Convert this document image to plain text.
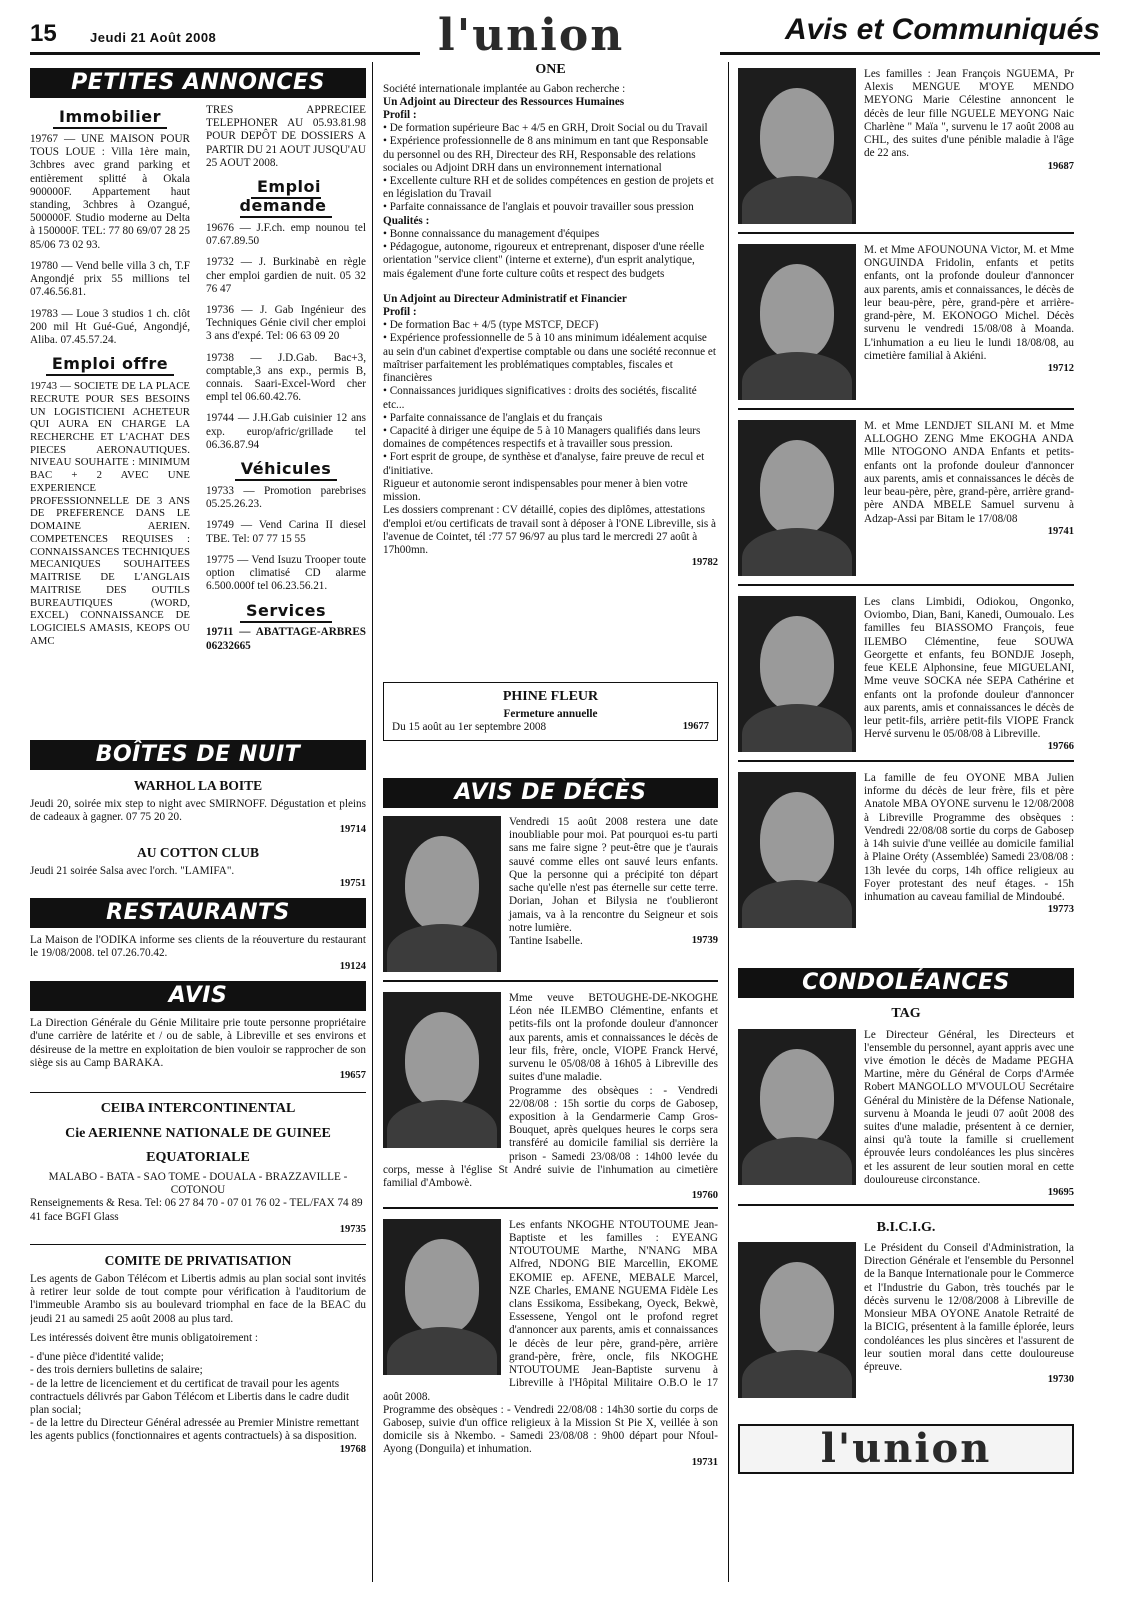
15	Jeudi 21 Août 2008	l'union	Avis et Communiqués
PETITES ANNONCES
Immobilier

19767 — UNE MAISON POUR TOUS LOUE : Villa 1ère main, 3chbres avec grand parking et entièrement splitté à Okala 900000F. Appartement haut standing, 3chbres à Ozangué, 500000F. Studio moderne au Delta à 150000F. TEL: 77 80 69/07 28 25 85/06 73 02 93.

19780 — Vend belle villa 3 ch, T.F Angondjé prix 55 millions tel 07.46.56.81.

19783 — Loue 3 studios 1 ch. clôt 200 mil Ht Gué-Gué, Angondjé, Aliba. 07.45.57.24.

Emploi offre

19743 — SOCIETE DE LA PLACE RECRUTE POUR SES BESOINS UN LOGISTICIENI ACHETEUR QUI AURA EN CHARGE LA RECHERCHE ET L'ACHAT DES PIECES AERONAUTIQUES. NIVEAU SOUHAITE : MINIMUM BAC + 2 AVEC UNE EXPERIENCE PROFESSIONNELLE DE 3 ANS DE PREFERENCE DANS LE DOMAINE AERIEN. COMPETENCES REQUISES : CONNAISSANCES TECHNIQUES MECANIQUES SOUHAITEES MAITRISE DE L'ANGLAIS MAITRISE DES OUTILS BUREAUTIQUES (WORD, EXCEL) CONNAISSANCE DE LOGICIELS AMASIS, KEOPS OU AMC

TRES APPRECIEE TELEPHONER AU 05.93.81.98 POUR DEPÔT DE DOSSIERS A PARTIR DU 21 AOUT JUSQU'AU 25 AOUT 2008.

Emploi demande

19676 — J.F.ch. emp nounou tel 07.67.89.50

19732 — J. Burkinabè en règle cher emploi gardien de nuit. 05 32 76 47

19736 — J. Gab Ingénieur des Techniques Génie civil cher emploi 3 ans d'expé. Tel: 06 63 09 20

19738 — J.D.Gab. Bac+3, comptable,3 ans exp., permis B, connais. Saari-Excel-Word cher empl tel 06.60.42.76.

19744 — J.H.Gab cuisinier 12 ans exp. europ/afric/grillade tel 06.36.87.94

Véhicules

19733 — Promotion parebrises 05.25.26.23.

19749 — Vend Carina II diesel TBE. Tel: 07 77 15 55

19775 — Vend Isuzu Trooper toute option climatisé CD alarme 6.500.000f tel 06.23.56.21.

Services

19711 — ABATTAGE-ARBRES 06232665

BOÎTES DE NUIT
WARHOL LA BOITE

Jeudi 20, soirée mix step to night avec SMIRNOFF. Dégustation et pleins de cadeaux à gagner. 07 75 20 20.

19714
AU COTTON CLUB

Jeudi 21 soirée Salsa avec l'orch. "LAMIFA".

19751
RESTAURANTS

La Maison de l'ODIKA informe ses clients de la réouverture du restaurant le 19/08/2008. tel 07.26.70.42.

19124
AVIS

La Direction Générale du Génie Militaire prie toute personne propriétaire d'une carrière de latérite et / ou de sable, à Libreville et ses environs et désireuse de la mettre en exploitation de bien vouloir se rapprocher de son siège sis au Camp BARAKA.

19657
CEIBA INTERCONTINENTAL
Cie AERIENNE NATIONALE DE GUINEE
EQUATORIALE

MALABO - BATA - SAO TOME - DOUALA - BRAZZAVILLE - COTONOU

Renseignements & Resa. Tel: 06 27 84 70 - 07 01 76 02 - TEL/FAX 74 89 41 face BGFI Glass

19735
COMITE DE PRIVATISATION

Les agents de Gabon Télécom et Libertis admis au plan social sont invités à retirer leur solde de tout compte pour vérification à l'auditorium de l'immeuble Arambo sis au boulevard triomphal en face de la BEAC du jeudi 21 au samedi 25 août 2008 au plus tard.

Les intéressés doivent être munis obligatoirement :

- d'une pièce d'identité valide;
- des trois derniers bulletins de salaire;
- de la lettre de licenciement et du certificat de travail pour les agents contractuels délivrés par Gabon Télécom et Libertis dans le cadre dudit plan social;
- de la lettre du Directeur Général adressée au Premier Ministre remettant les agents publics (fonctionnaires et agents contractuels) à sa disposition.
19768
ONE

Société internationale implantée au Gabon recherche :

Un Adjoint au Directeur des Ressources Humaines

Profil :

• De formation supérieure Bac + 4/5 en GRH, Droit Social ou du Travail

• Expérience professionnelle de 8 ans minimum en tant que Responsable du personnel ou des RH, Directeur des RH, Responsable des relations sociales ou Adjoint DRH dans un environnement international

• Excellente culture RH et de solides compétences en gestion de projets et en législation du Travail

• Parfaite connaissance de l'anglais et pouvoir travailler sous pression

Qualités :

• Bonne connaissance du management d'équipes

• Pédagogue, autonome, rigoureux et entreprenant, disposer d'une réelle orientation "service client" (interne et externe), d'un esprit analytique, mais également d'une forte culture coûts et respect des budgets

Un Adjoint au Directeur Administratif et Financier

Profil :

• De formation Bac + 4/5 (type MSTCF, DECF)

• Expérience professionnelle de 5 à 10 ans minimum idéalement acquise au sein d'un cabinet d'expertise comptable ou dans une société reconnue et maîtriser parfaitement les problématiques comptables, fiscales et financières

• Connaissances juridiques significatives : droits des sociétés, fiscalité etc...

• Parfaite connaissance de l'anglais et du français

• Capacité à diriger une équipe de 5 à 10 Managers qualifiés dans leurs domaines de compétences respectifs et à travailler sous pression.

• Fort esprit de groupe, de synthèse et d'analyse, faire preuve de recul et d'initiative.

Rigueur et autonomie seront indispensables pour mener à bien votre mission.

Les dossiers comprenant : CV détaillé, copies des diplômes, attestations d'emploi et/ou certificats de travail sont à déposer à l'ONE Libreville, sis à l'avenue de Cointet, tél :77 57 96/97 au plus tard le mercredi 27 août à 17h00mn.

19782
PHINE FLEUR
Fermeture annuelle
Du 15 août au 1er septembre 2008	19677
AVIS DE DÉCÈS

Vendredi 15 août 2008 restera une date inoubliable pour moi. Pat pourquoi es-tu parti sans me faire signe ? peut-être que je t'aurais sauvé comme elles ont sauvé leurs enfants. Que la personne qui a précipité ton départ sache qu'elle n'est pas éternelle sur cette terre. Dorian, Johan et Bilysia ne t'oublieront jamais, va à la rencontre du Seigneur et sois notre lumière.

Tantine Isabelle.	19739

Mme veuve BETOUGHE-DE-NKOGHE Léon née ILEMBO Clémentine, enfants et petits-fils ont la profonde douleur d'annoncer aux parents, amis et connaissances le décès de leur fils, frère, oncle, VIOPE Franck Hervé, survenu le 05/08/08 à 16h05 à Libreville des suites d'une maladie.

Programme des obsèques : - Vendredi 22/08/08 : 15h sortie du corps de Gabosep, exposition à la Gendarmerie Camp Gros-Bouquet, après quelques heures le corps sera transféré au domicile familial sis derrière la prison - Samedi 23/08/08 : 14h00 levée du corps, messe à l'église St André suivie de l'inhumation au cimetière familial d'Ambowè.

19760

Les enfants NKOGHE NTOUTOUME Jean-Baptiste et les familles : EYEANG NTOUTOUME Marthe, N'NANG MBA Alfred, NDONG BIE Marcellin, EKOME EKOMIE ep. AFENE, MEBALE Marcel, NZE Charles, EMANE NGUEMA Fidèle Les clans Essikoma, Essibekang, Oyeck, Bekwè, Essessene, Yengol ont le profond regret d'annoncer aux parents, amis et connaissances le décès de leur père, grand-père, arrière grand-père, frère, oncle, fils NKOGHE NTOUTOUME Jean-Baptiste survenu à Libreville à l'Hôpital Militaire O.B.O le 17 août 2008.

Programme des obsèques : - Vendredi 22/08/08 : 14h30 sortie du corps de Gabosep, suivie d'un office religieux à la Mission St Pie X, veillée à son domicile sis à Nkembo. - Samedi 23/08/08 : 9h00 départ pour Nfoul-Ayong (Donguila) et inhumation.

19731

Les familles : Jean François NGUEMA, Pr Alexis MENGUE M'OYE MENDO MEYONG Marie Célestine annoncent le décès de leur fille NGUELE MEYONG Naic Charlène " Maïa ", survenu le 17 août 2008 au CHL, des suites d'une pénible maladie à l'âge de 22 ans.

19687

M. et Mme AFOUNOUNA Victor, M. et Mme ONGUINDA Fridolin, enfants et petits enfants, ont la profonde douleur d'annoncer aux parents, amis et connaissances, le décès de leur beau-père, père, grand-père et arrière-grand-père, M. EKONOGO Michel. Décès survenu le vendredi 15/08/08 à Moanda. L'inhumation a eu lieu le lundi 18/08/08, au cimetière familial à Akiéni.

19712

M. et Mme LENDJET SILANI M. et Mme ALLOGHO ZENG Mme EKOGHA ANDA Mlle NTOGONO ANDA Enfants et petits-enfants ont la profonde douleur d'annoncer aux parents, amis et connaissances le décès de leur beau-père, père, grand-père, arrière grand-père ANDA MBELE Samuel survenu à Adzap-Assi par Bitam le 17/08/08

19741

Les clans Limbidi, Odiokou, Ongonko, Oviombo, Dian, Bani, Kanedi, Oumoualo. Les familles feu BIASSOMO François, feue ILEMBO Clémentine, feue SOUWA Georgette et enfants, feu BONDJE Joseph, feue KELE Alphonsine, feue MIGUELANI, Mme veuve SOCKA née SEPA Cathérine et enfants ont la profonde douleur d'annoncer aux parents, amis et connaissances le décès de leur petit-fils, arrière petit-fils VIOPE Franck Hervé survenu le 05/08/08 à Libreville.

19766

La famille de feu OYONE MBA Julien informe du décès de leur frère, fils et père Anatole MBA OYONE survenu le 12/08/2008 à Libreville Programme des obsèques : Vendredi 22/08/08 sortie du corps de Gabosep à 14h suivie d'une veillée au domicile familial à Plaine Oréty (Assemblée) Samedi 23/08/08 : 13h levée du corps, 14h office religieux au Foyer protestant des neuf étages. - 15h inhumation au caveau familial de Mindoubé.

19773
CONDOLÉANCES
TAG

Le Directeur Général, les Directeurs et l'ensemble du personnel, ayant appris avec une vive émotion le décès de Madame PEGHA Martine, mère du Général de Corps d'Armée Robert MANGOLLO M'VOULOU Secrétaire Général du Ministère de la Défense Nationale, survenu à Moanda le jeudi 07 août 2008 des suites d'une maladie, présentent à ce dernier, ainsi qu'à toute la famille si cruellement éprouvée leurs condoléances les plus sincères et les assurent de leur soutien moral en cette douloureuse circonstance.

19695
B.I.C.I.G.

Le Président du Conseil d'Administration, la Direction Générale et l'ensemble du Personnel de la Banque Internationale pour le Commerce et l'Industrie du Gabon, très touchés par le décès survenu le 12/08/2008 à Libreville de Monsieur MBA OYONE Anatole Retraité de la BICIG, présentent à la famille éplorée, leurs condoléances les plus sincères et l'assurent de leur soutien moral dans cette douloureuse épreuve.

19730
l'union
